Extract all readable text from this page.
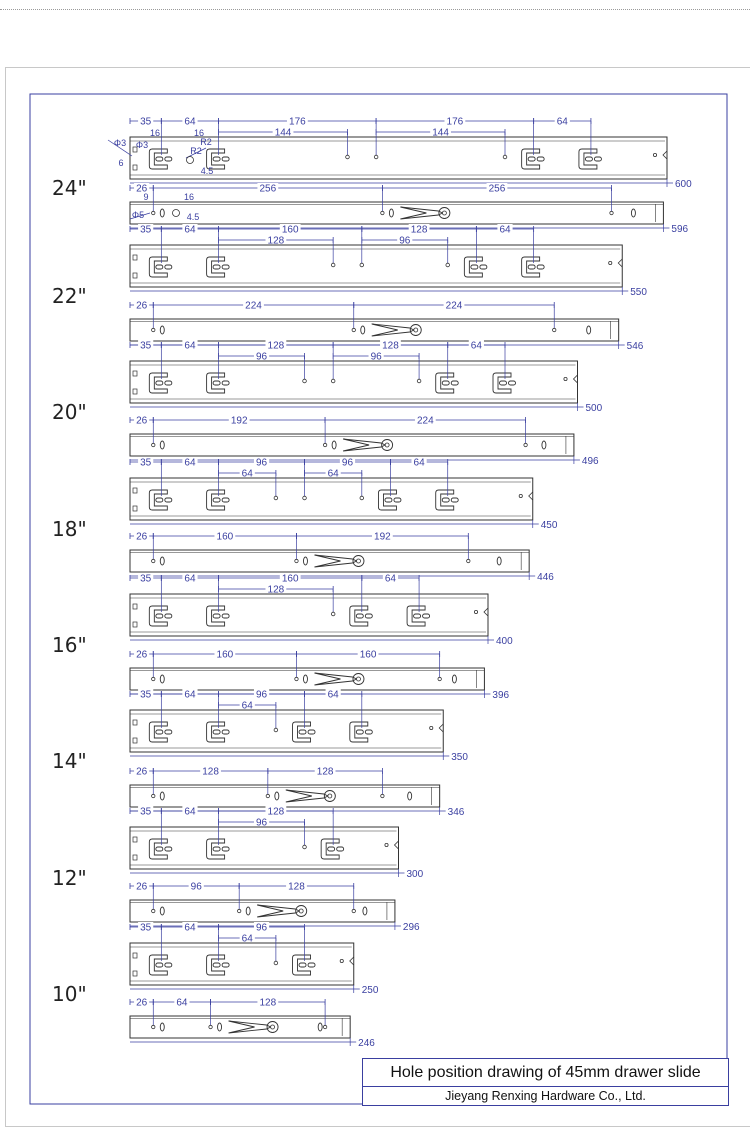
35	64	176	176	64
144	144
600
26	256	256
596
35	64	160	128	64
128	96
550
26	224	224
546
35	64	128	128	64
96	96
500
26	192	224
496
35	64	96	96	64
64	64
450
26	160	192
446
35	64	160	64
128
400
26	160	160
396
35	64	96	64
64
350
26	128	128
346
35	64	128
96
300
26	96	128
296
35	64	96
64
250
26	64	128
246
Φ3 Φ3	R2
R2
4.5
6
16	16
9	16
4.5
Φ5
24"
22"
20"
18"
16"
14"
12"
10"
Hole position drawing of 45mm drawer slide
Jieyang Renxing Hardware Co., Ltd.
